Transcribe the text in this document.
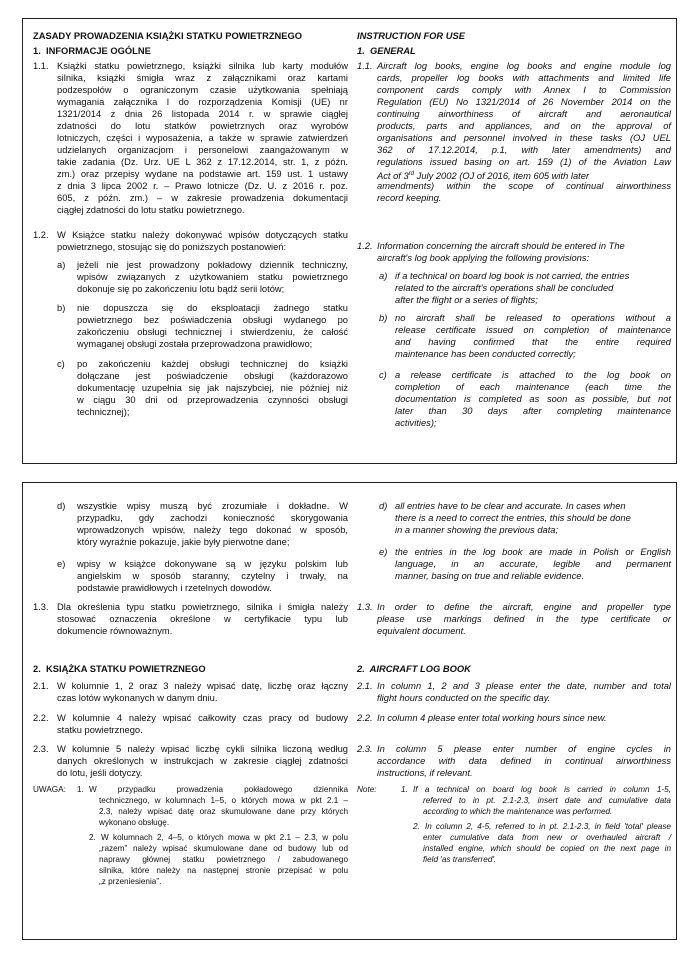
ZASADY PROWADZENIA KSIĄŻKI STATKU POWIETRZNEGO
1. INFORMACJE OGÓLNE
1.1. Książki statku powietrznego, książki silnika lub karty modułów
silnika, książki śmigła wraz z załącznikami oraz kartami
podzespołów o ograniczonym czasie użytkowania spełniają
wymagania załącznika I do rozporządzenia Komisji (UE) nr
1321/2014 z dnia 26 listopada 2014 r. w sprawie ciągłej
zdatności do lotu statków powietrznych oraz wyrobów
lotniczych, części i wyposażenia, a także w sprawie zatwierdzeń
udzielanych organizacjom i personelowi zaangażowanym w
takie zadania (Dz. Urz. UE L 362 z 17.12.2014, str. 1, z późn.
zm.) oraz przepisy wydane na podstawie art. 159 ust. 1 ustawy
z dnia 3 lipca 2002 r. – Prawo lotnicze (Dz. U. z 2016 r. poz.
605, z późn. zm.) – w zakresie prowadzenia dokumentacji
ciągłej zdatności do lotu statku powietrznego.
1.2. W Książce statku należy dokonywać wpisów dotyczących statku
powietrznego, stosując się do poniższych postanowień:
a) jeżeli nie jest prowadzony pokładowy dziennik techniczny,
wpisów związanych z użytkowaniem statku powietrznego
dokonuje się po zakończeniu lotu bądź serii lotów;
b) nie dopuszcza się do eksploatacji żadnego statku
powietrznego bez poświadczenia obsługi wydanego po
zakończeniu obsługi technicznej i stwierdzeniu, że całość
wymaganej obsługi została przeprowadzona prawidłowo;
c) po zakończeniu każdej obsługi technicznej do książki
dołączane jest poświadczenie obsługi (każdorazowo
dokumentację uzupełnia się jak najszybciej, nie później niż
w ciągu 30 dni od przeprowadzenia czynności obsługi
technicznej);
INSTRUCTION FOR USE
1. GENERAL
1.1. Aircraft log books, engine log books and engine module log
cards, propeller log books with attachments and limited life
component cards comply with Annex I to Commission
Regulation (EU) No 1321/2014 of 26 November 2014 on the
continuing airworthiness of aircraft and aeronautical
products, parts and appliances, and on the approval of
organisations and personnel involved in these tasks (OJ UEL
362 of 17.12.2014, p.1, with later amendments) and
regulations issued basing on art. 159 (1) of the Aviation Law
Act of 3rd July 2002 (OJ of 2016, item 605 with later
amendments) within the scope of continual airworthiness
record keeping.
1.2. Information concerning the aircraft should be entered in The
aircraft's log book applying the following provisions:
a) if a technical on board log book is not carried, the entries
related to the aircraft's operations shall be concluded
after the flight or a series of flights;
b) no aircraft shall be released to operations without a
release certificate issued on completion of maintenance
and having confirmed that the entire required
maintenance has been conducted correctly;
c) a release certificate is attached to the log book on
completion of each maintenance (each time the
documentation is completed as soon as possible, but not
later than 30 days after completing maintenance
activities);
d) wszystkie wpisy muszą być zrozumiałe i dokładne. W
przypadku, gdy zachodzi konieczność skorygowania
wprowadzonych wpisów, należy tego dokonać w sposób,
który wyraźnie pokazuje, jakie były pierwotne dane;
e) wpisy w książce dokonywane są w języku polskim lub
angielskim w sposób staranny, czytelny i trwały, na
podstawie prawidłowych i rzetelnych dowodów.
1.3. Dla określenia typu statku powietrznego, silnika i śmigła należy
stosować oznaczenia określone w certyfikacie typu lub
dokumencie równoważnym.
2. KSIĄŻKA STATKU POWIETRZNEGO
2.1. W kolumnie 1, 2 oraz 3 należy wpisać datę, liczbę oraz łączny
czas lotów wykonanych w danym dniu.
2.2. W kolumnie 4 należy wpisać całkowity czas pracy od budowy
statku powietrznego.
2.3. W kolumnie 5 należy wpisać liczbę cykli silnika liczoną według
danych określonych w instrukcjach w zakresie ciągłej zdatności
do lotu, jeśli dotyczy.
UWAGA: 1. W przypadku prowadzenia pokładowego dziennika
technicznego, w kolumnach 1–5, o których mowa w pkt 2.1 –
2.3, należy wpisać datę oraz skumulowane dane przy których
wykonano obsługę.
2. W kolumnach 2, 4–5, o których mowa w pkt 2.1 – 2.3, w polu
„razem” należy wpisać skumulowane dane od budowy lub od
naprawy głównej statku powietrznego / zabudowanego
silnika, które należy na następnej stronie przepisać w polu
„z przeniesienia”.
d) all entries have to be clear and accurate. In cases when
there is a need to correct the entries, this should be done
in a manner showing the previous data;
e) the entries in the log book are made in Polish or English
language, in an accurate, legible and permanent
manner, basing on true and reliable evidence.
1.3. In order to define the aircraft, engine and propeller type
please use markings defined in the type certificate or
equivalent document.
2. AIRCRAFT LOG BOOK
2.1. In column 1, 2 and 3 please enter the date, number and total
flight hours conducted on the specific day.
2.2. In column 4 please enter total working hours since new.
2.3. In column 5 please enter number of engine cycles in
accordance with data defined in continual airworthiness
instructions, if relevant.
Note:	1. If a technical on board log book is carried in column 1-5,
referred to in pt. 2.1-2.3, insert date and cumulative data
according to which the maintenance was performed.
2. In column 2, 4-5, referred to in pt. 2.1-2.3, in field 'total' please
enter cumulative data from new or overhauled aircraft /
installed engine, which should be copied on the next page in
field 'as transferred'.
